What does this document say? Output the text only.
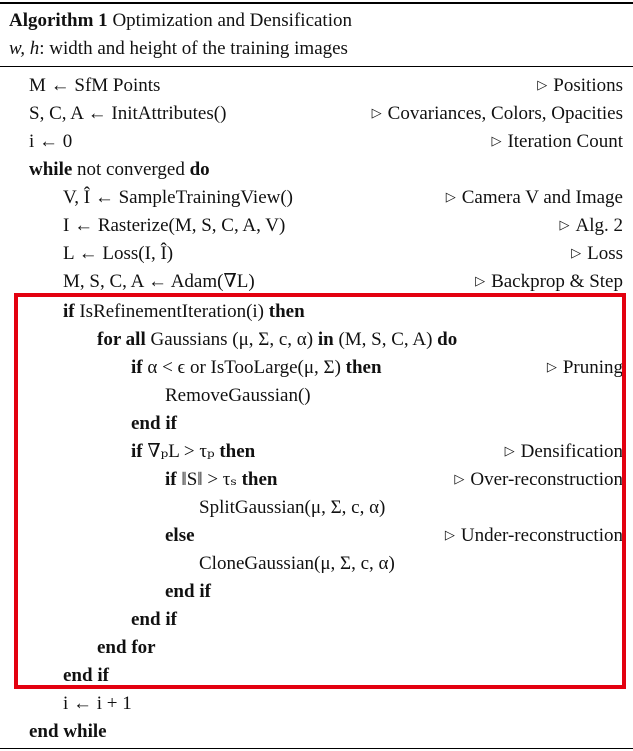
Algorithm 1 Optimization and Densification
w, h: width and height of the training images
M ← SfM Points	▷ Positions
S, C, A ← InitAttributes()	▷ Covariances, Colors, Opacities
i ← 0	▷ Iteration Count
while not converged do
V, Î ← SampleTrainingView()	▷ Camera V and Image
I ← Rasterize(M, S, C, A, V)	▷ Alg. 2
L ← Loss(I, Î)	▷ Loss
M, S, C, A ← Adam(∇L)	▷ Backprop & Step
if IsRefinementIteration(i) then
for all Gaussians (μ, Σ, c, α) in (M, S, C, A) do
if α < ϵ or IsTooLarge(μ, Σ) then	▷ Pruning
RemoveGaussian()
end if
if ∇ₚL > τₚ then	▷ Densification
if ‖S‖ > τₛ then	▷ Over-reconstruction
SplitGaussian(μ, Σ, c, α)
else	▷ Under-reconstruction
CloneGaussian(μ, Σ, c, α)
end if
end if
end for
end if
i ← i + 1
end while
